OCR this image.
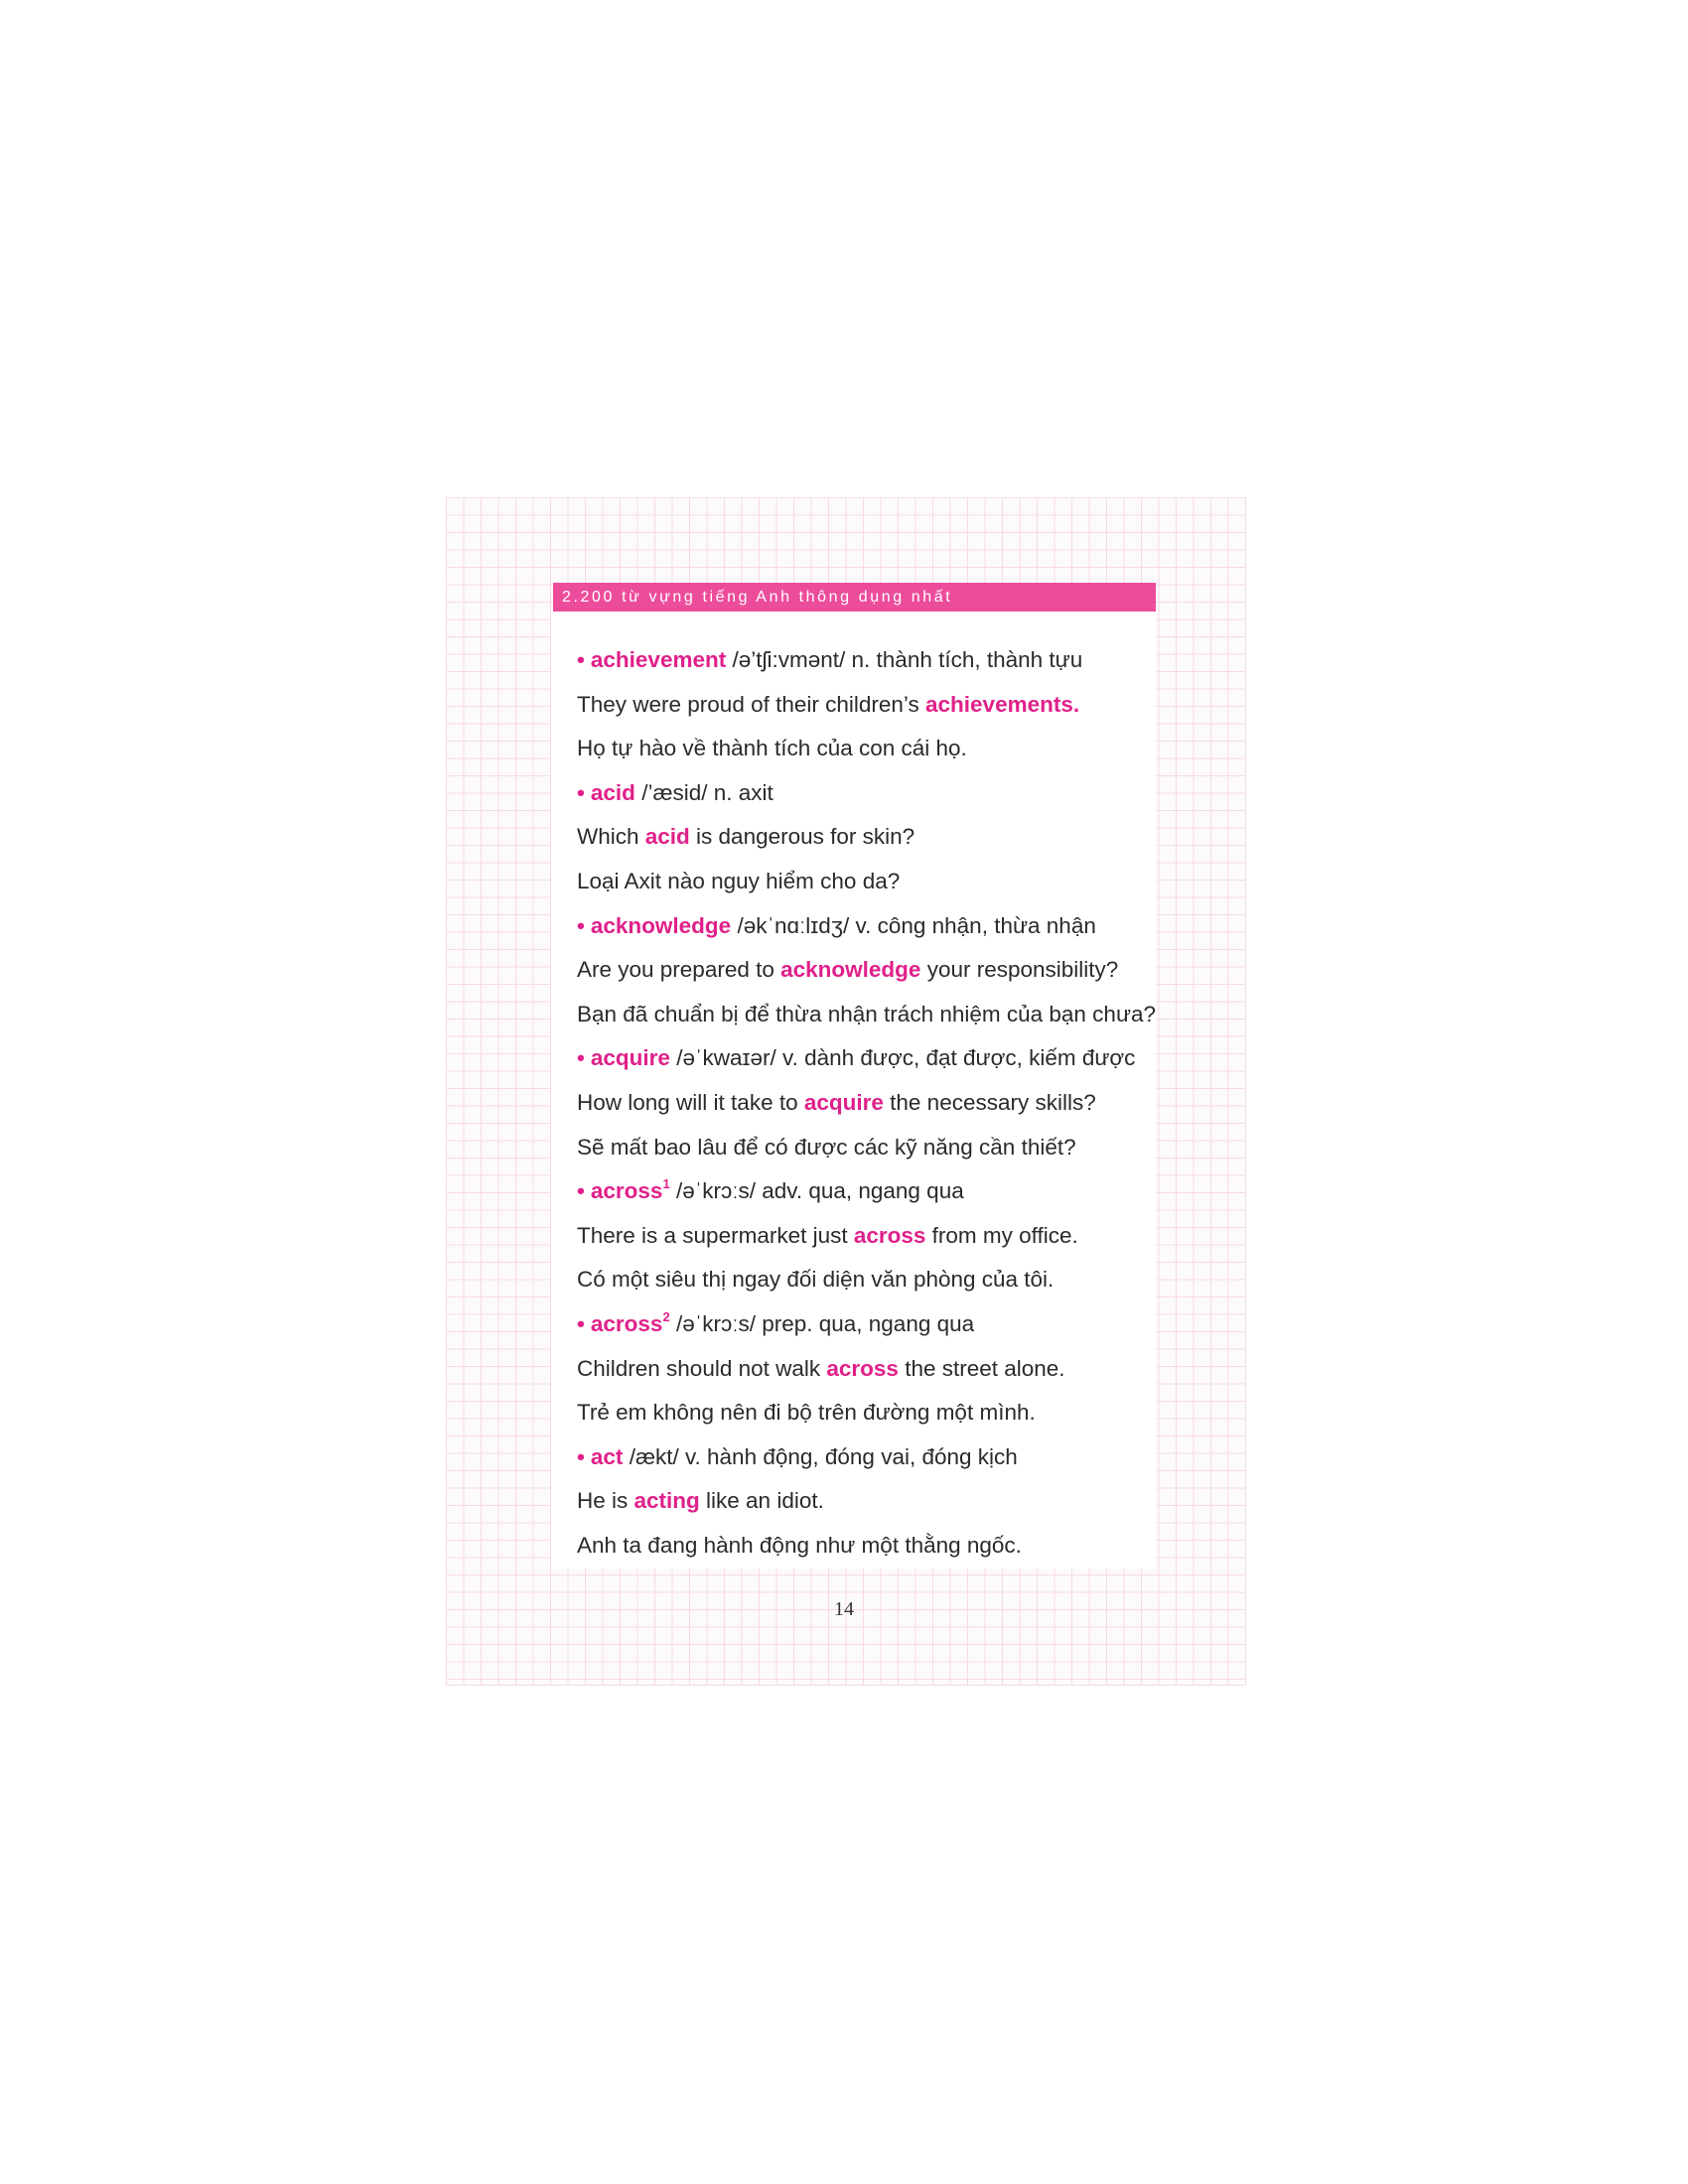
2.200 từ vựng tiếng Anh thông dụng nhất
• achievement /ə’tʃi:vmənt/ n. thành tích, thành tựu
They were proud of their children’s achievements.
Họ tự hào về thành tích của con cái họ.
• acid /’æsid/ n. axit
Which acid is dangerous for skin?
Loại Axit nào nguy hiểm cho da?
• acknowledge /əkˈnɑːlɪdʒ/ v. công nhận, thừa nhận
Are you prepared to acknowledge your responsibility?
Bạn đã chuẩn bị để thừa nhận trách nhiệm của bạn chưa?
• acquire /əˈkwaɪər/ v. dành được, đạt được, kiếm được
How long will it take to acquire the necessary skills?
Sẽ mất bao lâu để có được các kỹ năng cần thiết?
• across$^1$ /əˈkrɔːs/ adv. qua, ngang qua
There is a supermarket just across from my office.
Có một siêu thị ngay đối diện văn phòng của tôi.
• across$^2$ /əˈkrɔːs/ prep. qua, ngang qua
Children should not walk across the street alone.
Trẻ em không nên đi bộ trên đường một mình.
• act /ækt/ v. hành động, đóng vai, đóng kịch
He is acting like an idiot.
Anh ta đang hành động như một thằng ngốc.
14
